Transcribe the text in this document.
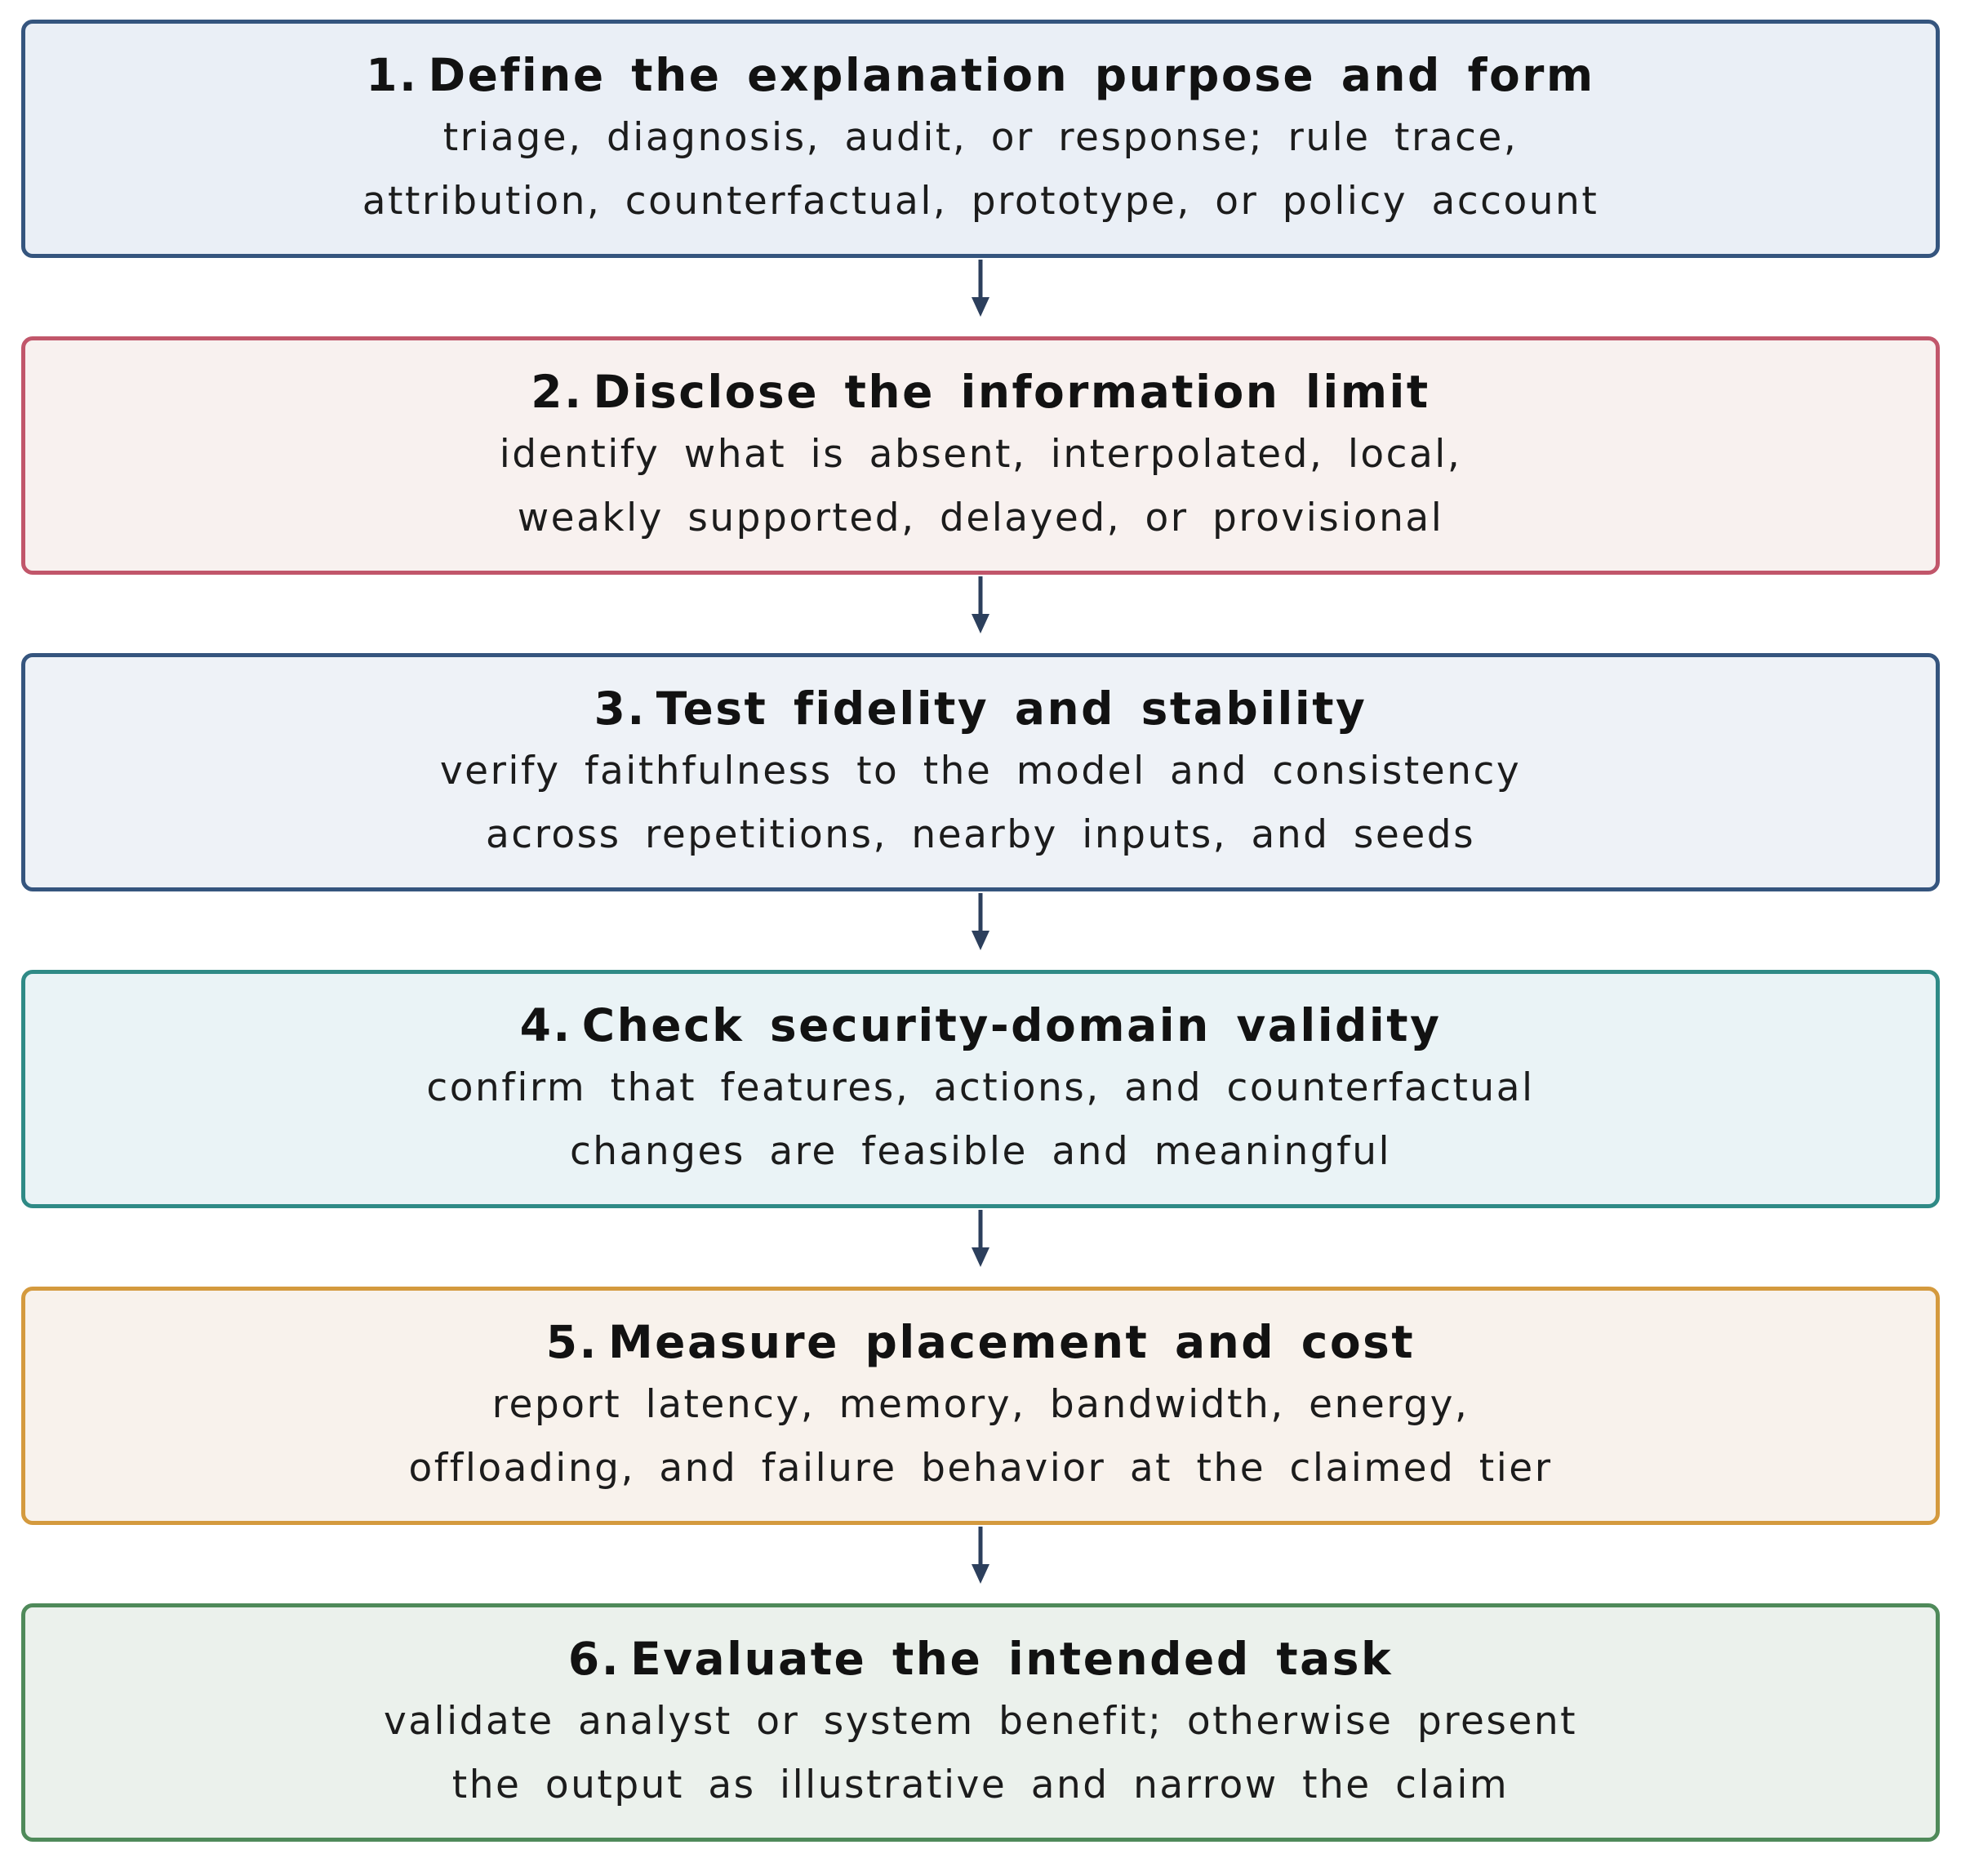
1. Define the explanation purpose and form
triage, diagnosis, audit, or response; rule trace,
attribution, counterfactual, prototype, or policy account
2. Disclose the information limit
identify what is absent, interpolated, local,
weakly supported, delayed, or provisional
3. Test fidelity and stability
verify faithfulness to the model and consistency
across repetitions, nearby inputs, and seeds
4. Check security-domain validity
confirm that features, actions, and counterfactual
changes are feasible and meaningful
5. Measure placement and cost
report latency, memory, bandwidth, energy,
offloading, and failure behavior at the claimed tier
6. Evaluate the intended task
validate analyst or system benefit; otherwise present
the output as illustrative and narrow the claim
